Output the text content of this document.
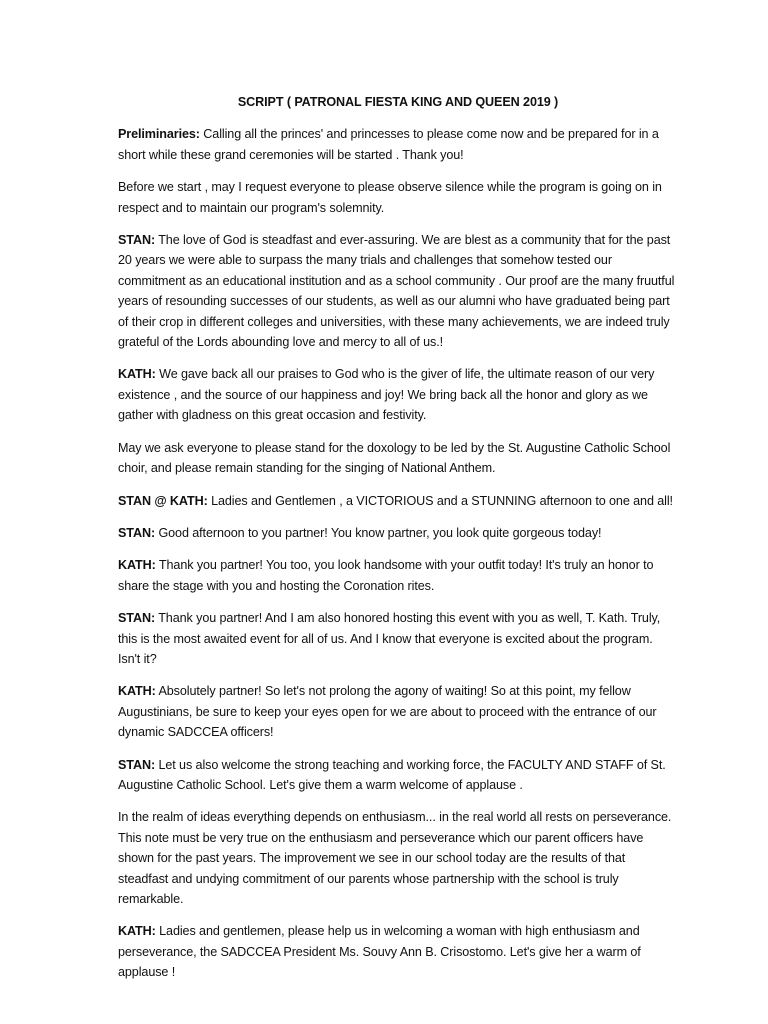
SCRIPT ( PATRONAL FIESTA KING AND QUEEN 2019 )

Preliminaries: Calling all the princes' and princesses to please come now and be prepared for in a short while these grand ceremonies will be started . Thank you!

Before we start , may I request everyone to please observe silence while the program is going on in respect and to maintain our program's solemnity.

STAN: The love of God is steadfast and ever-assuring. We are blest as a community that for the past 20 years we were able to surpass the many trials and challenges that somehow tested our commitment as an educational institution and as a school community . Our proof are the many fruutful years of resounding successes of our students, as well as our alumni who have graduated being part of their crop in different colleges and universities, with these many achievements, we are indeed truly grateful of the Lords abounding love and mercy to all of us.!

KATH: We gave back all our praises to God who is the giver of life, the ultimate reason of our very existence , and the source of our happiness and joy! We bring back all the honor and glory as we gather with gladness on this great occasion and festivity.

May we ask everyone to please stand for the doxology to be led by the St. Augustine Catholic School choir, and please remain standing for the singing of National Anthem.

STAN @ KATH: Ladies and Gentlemen , a VICTORIOUS and a STUNNING afternoon to one and all!

STAN: Good afternoon to you partner! You know partner, you look quite gorgeous today!

KATH: Thank you partner! You too, you look handsome with your outfit today! It's truly an honor to share the stage with you and hosting the Coronation rites.

STAN: Thank you partner! And I am also honored hosting this event with you as well, T. Kath. Truly, this is the most awaited event for all of us. And I know that everyone is excited about the program. Isn't it?

KATH: Absolutely partner! So let's not prolong the agony of waiting! So at this point, my fellow Augustinians, be sure to keep your eyes open for we are about to proceed with the entrance of our dynamic SADCCEA officers!

STAN: Let us also welcome the strong teaching and working force, the FACULTY AND STAFF of St. Augustine Catholic School. Let's give them a warm welcome of applause .

In the realm of ideas everything depends on enthusiasm... in the real world all rests on perseverance. This note must be very true on the enthusiasm and perseverance which our parent officers have shown for the past years. The improvement we see in our school today are the results of that steadfast and undying commitment of our parents whose partnership with the school is truly remarkable.

KATH: Ladies and gentlemen, please help us in welcoming a woman with high enthusiasm and perseverance, the SADCCEA President Ms. Souvy Ann B. Crisostomo. Let's give her a warm of applause !
